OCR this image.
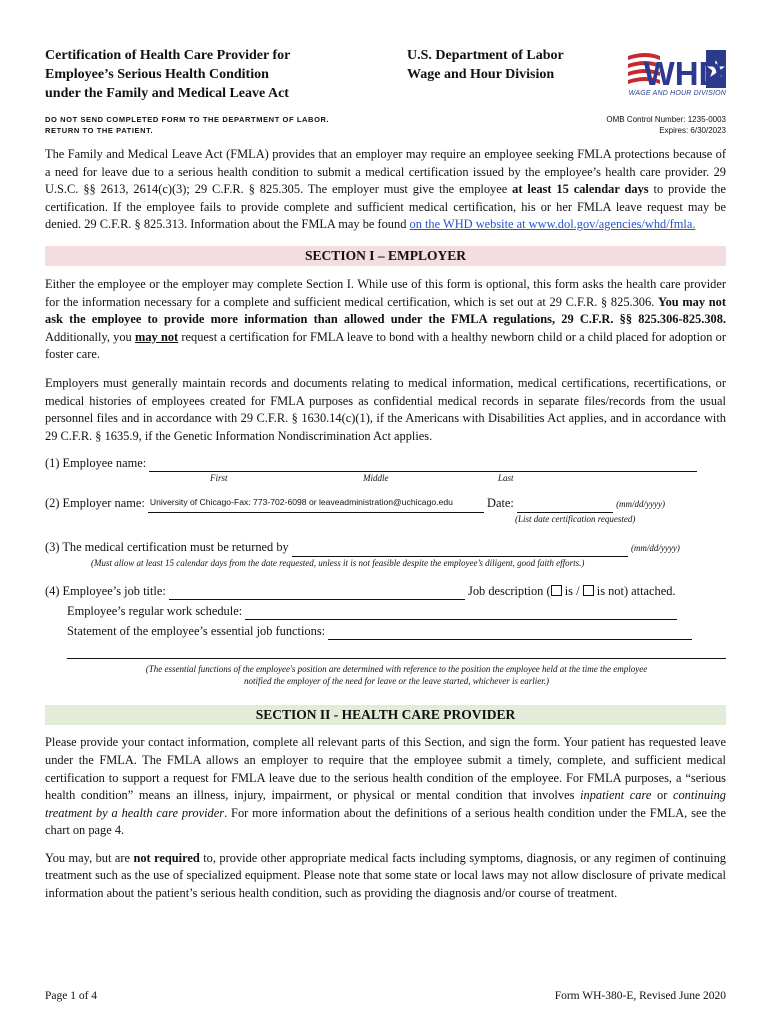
Certification of Health Care Provider for
Employee’s Serious Health Condition
under the Family and Medical Leave Act
U.S. Department of Labor
Wage and Hour Division	WHD
WAGE AND HOUR DIVISION
DO NOT SEND COMPLETED FORM TO THE DEPARTMENT OF LABOR.
RETURN TO THE PATIENT.
OMB Control Number: 1235-0003
Expires: 6/30/2023

The Family and Medical Leave Act (FMLA) provides that an employer may require an employee seeking FMLA protections because of a need for leave due to a serious health condition to submit a medical certification issued by the employee’s health care provider. 29 U.S.C. §§ 2613, 2614(c)(3); 29 C.F.R. § 825.305. The employer must give the employee at least 15 calendar days to provide the certification. If the employee fails to provide complete and sufficient medical certification, his or her FMLA leave request may be denied. 29 C.F.R. § 825.313. Information about the FMLA may be found on the WHD website at www.dol.gov/agencies/whd/fmla.

SECTION I – EMPLOYER

Either the employee or the employer may complete Section I. While use of this form is optional, this form asks the health care provider for the information necessary for a complete and sufficient medical certification, which is set out at 29 C.F.R. § 825.306. You may not ask the employee to provide more information than allowed under the FMLA regulations, 29 C.F.R. §§ 825.306-825.308. Additionally, you may not request a certification for FMLA leave to bond with a healthy newborn child or a child placed for adoption or foster care.

Employers must generally maintain records and documents relating to medical information, medical certifications, recertifications, or medical histories of employees created for FMLA purposes as confidential medical records in separate files/records from the usual personnel files and in accordance with 29 C.F.R. § 1630.14(c)(1), if the Americans with Disabilities Act applies, and in accordance with 29 C.F.R. § 1635.9, if the Genetic Information Nondiscrimination Act applies.

(1) Employee name:
First	Middle	Last
(2) Employer name: University of Chicago-Fax: 773-702-6098 or leaveadministration@uchicago.edu	Date:	(mm/dd/yyyy)
(List date certification requested)
(3) The medical certification must be returned by	(mm/dd/yyyy)
(Must allow at least 15 calendar days from the date requested, unless it is not feasible despite the employee’s diligent, good faith efforts.)
(4) Employee’s job title:	Job description ( is / is not) attached.
Employee’s regular work schedule:
Statement of the employee’s essential job functions:
(The essential functions of the employee's position are determined with reference to the position the employee held at the time the employee
notified the employer of the need for leave or the leave started, whichever is earlier.)
SECTION II - HEALTH CARE PROVIDER

Please provide your contact information, complete all relevant parts of this Section, and sign the form. Your patient has requested leave under the FMLA. The FMLA allows an employer to require that the employee submit a timely, complete, and sufficient medical certification to support a request for FMLA leave due to the serious health condition of the employee. For FMLA purposes, a “serious health condition” means an illness, injury, impairment, or physical or mental condition that involves inpatient care or continuing treatment by a health care provider. For more information about the definitions of a serious health condition under the FMLA, see the chart on page 4.

You may, but are not required to, provide other appropriate medical facts including symptoms, diagnosis, or any regimen of continuing treatment such as the use of specialized equipment. Please note that some state or local laws may not allow disclosure of private medical information about the patient’s serious health condition, such as providing the diagnosis and/or course of treatment.

Page 1 of 4	Form WH-380-E, Revised June 2020
